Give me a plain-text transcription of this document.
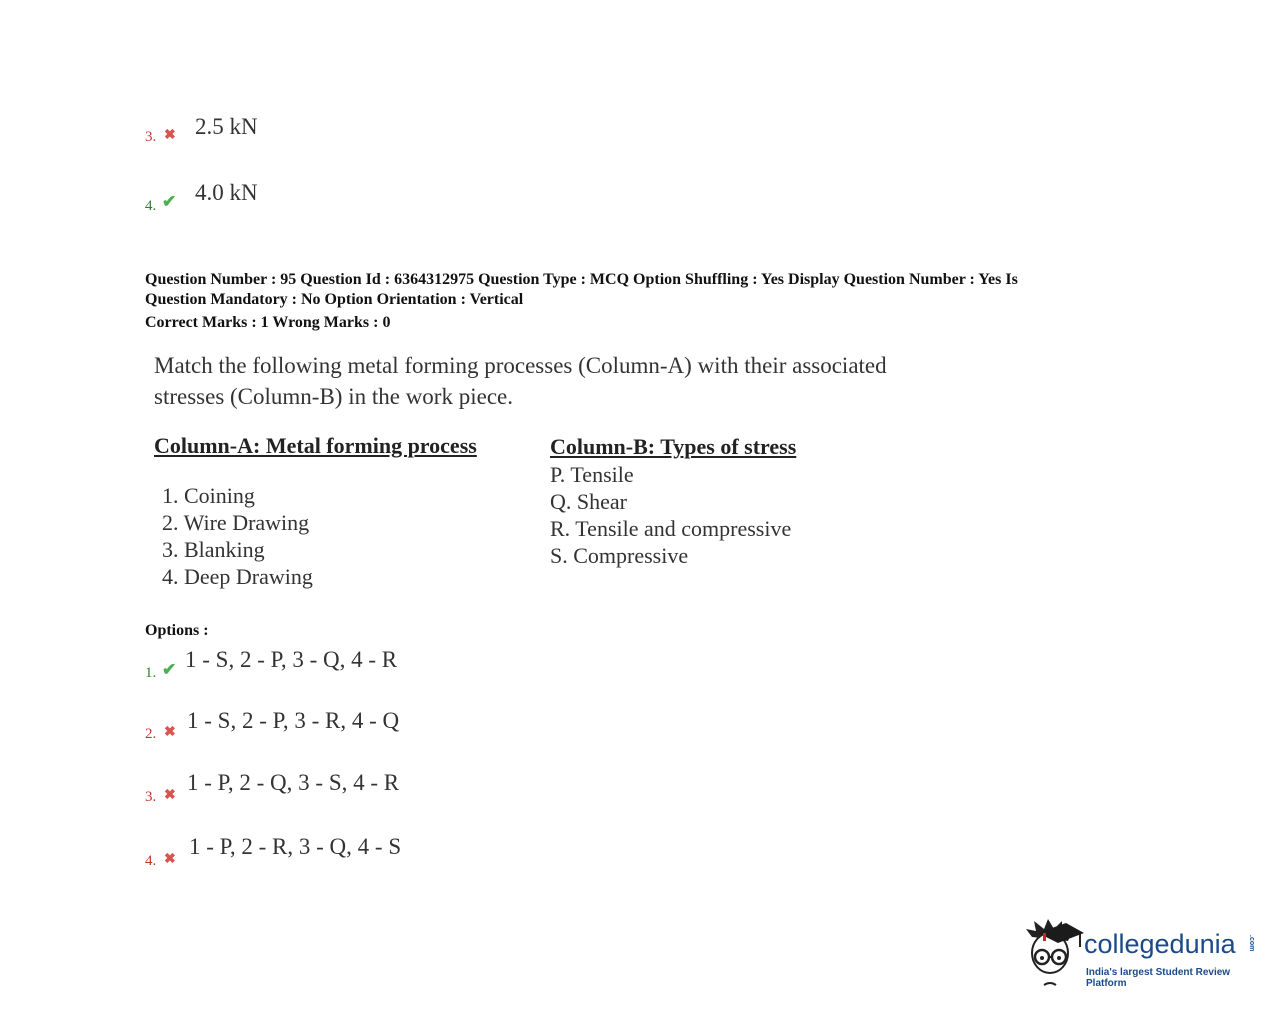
3. ✖ 2.5 kN
4. ✔ 4.0 kN
Question Number : 95 Question Id : 6364312975 Question Type : MCQ Option Shuffling : Yes Display Question Number : Yes Is
Question Mandatory : No Option Orientation : Vertical
Correct Marks : 1 Wrong Marks : 0
Match the following metal forming processes (Column-A) with their associated
stresses (Column-B) in the work piece.
Column-A: Metal forming process
1. Coining
2. Wire Drawing
3. Blanking
4. Deep Drawing
Column-B: Types of stress
P. Tensile
Q. Shear
R. Tensile and compressive
S. Compressive
Options :
1. ✔ 1 - S, 2 - P, 3 - Q, 4 - R
2. ✖ 1 - S, 2 - P, 3 - R, 4 - Q
3. ✖
1 - P, 2 - Q, 3 - S, 4 - R
4. ✖
1 - P, 2 - R, 3 - Q, 4 - S
collegedunia .com
India's largest Student Review Platform
